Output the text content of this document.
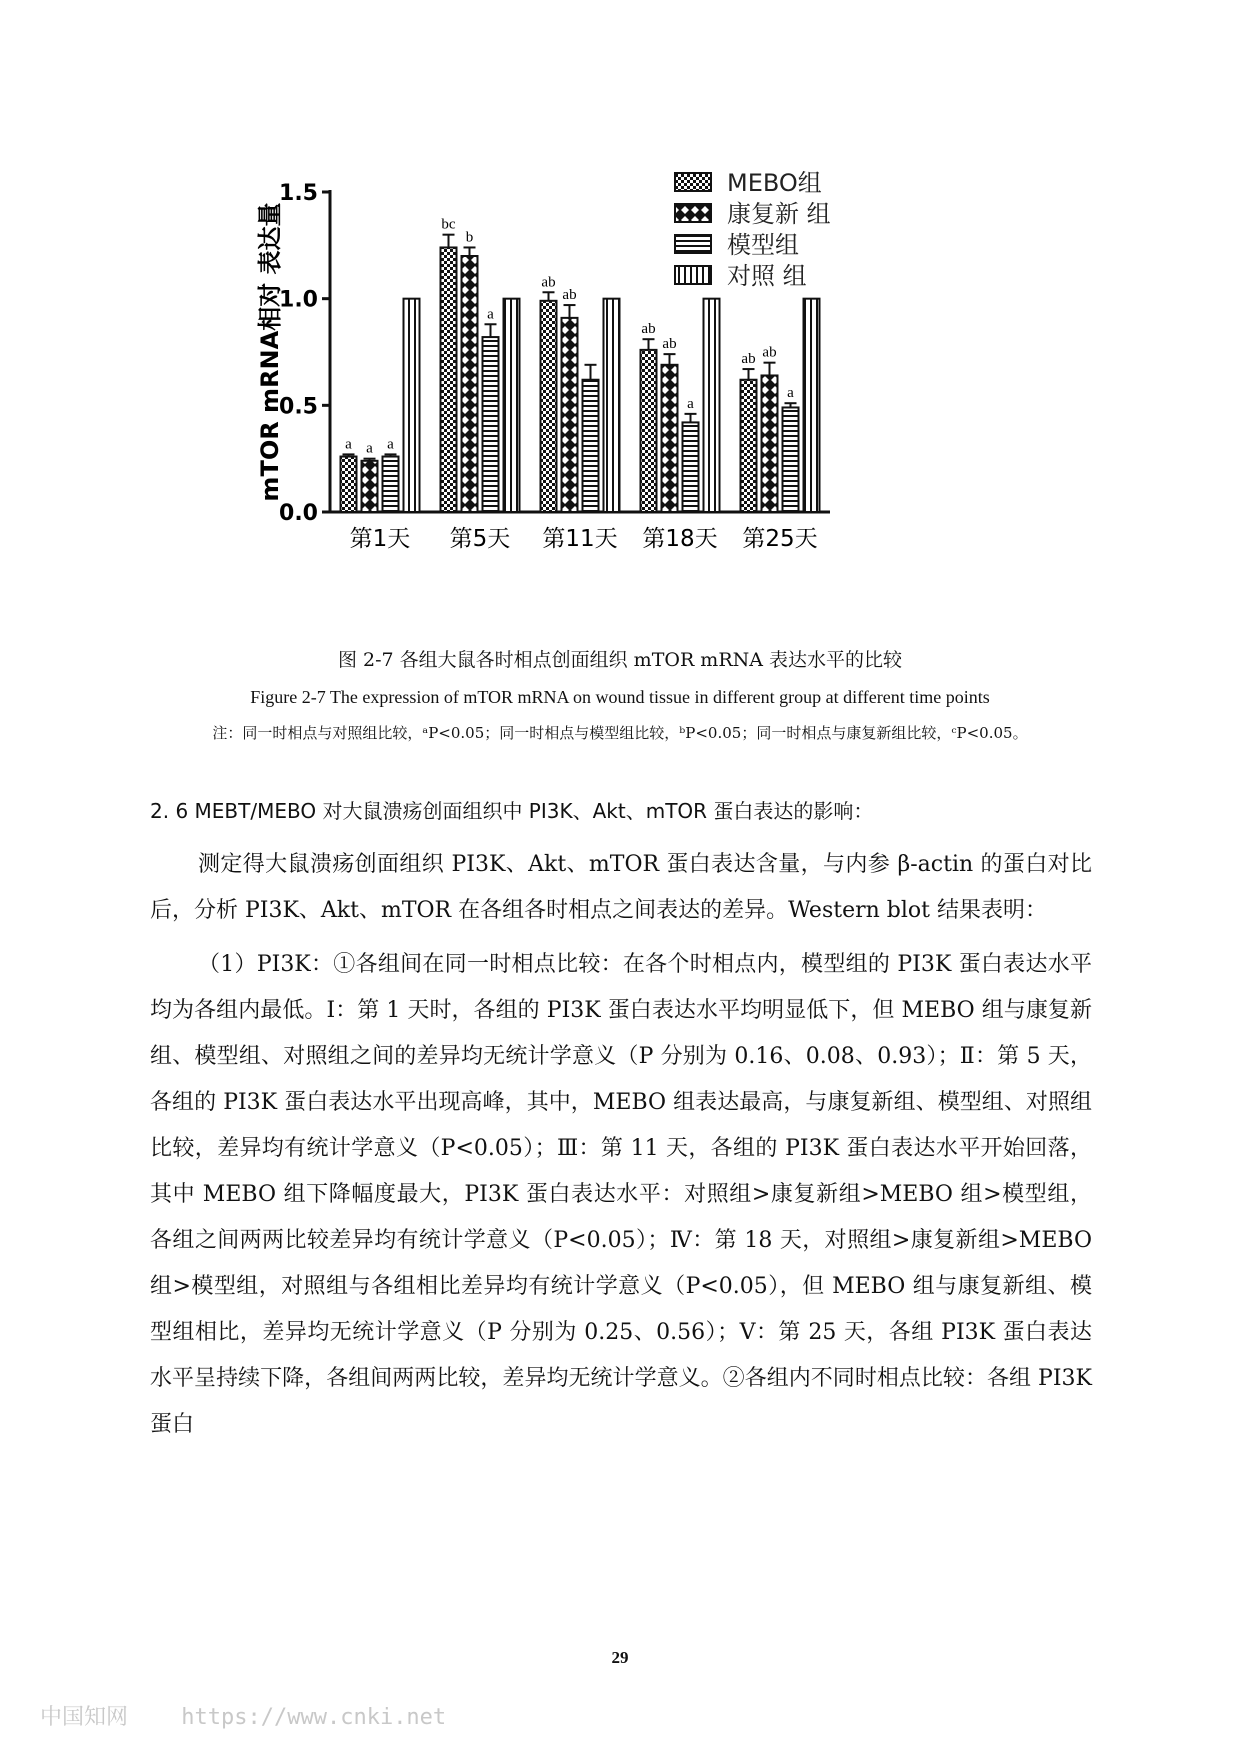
0.0
0.5
1.0
1.5
mTOR mRNA相对 表达量	a a a
第1天
bc
b
a
第5天
ab
ab
第11天
ab
ab
a
第18天
ab ab
a
第25天
MEBO组
康复新 组
模型组
对照 组
图 2-7 各组大鼠各时相点创面组织 mTOR mRNA 表达水平的比较
Figure 2-7 The expression of mTOR mRNA on wound tissue in different group at different time points
注：同一时相点与对照组比较，ᵃP<0.05；同一时相点与模型组比较，ᵇP<0.05；同一时相点与康复新组比较，ᶜP<0.05。
2. 6 MEBT/MEBO 对大鼠溃疡创面组织中 PI3K、Akt、mTOR 蛋白表达的影响：

测定得大鼠溃疡创面组织 PI3K、Akt、mTOR 蛋白表达含量，与内参 β-actin 的蛋白对比后，分析 PI3K、Akt、mTOR 在各组各时相点之间表达的差异。Western blot 结果表明：

（1）PI3K：①各组间在同一时相点比较：在各个时相点内，模型组的 PI3K 蛋白表达水平均为各组内最低。Ⅰ：第 1 天时，各组的 PI3K 蛋白表达水平均明显低下，但 MEBO 组与康复新组、模型组、对照组之间的差异均无统计学意义（P 分别为 0.16、0.08、0.93）；Ⅱ：第 5 天，各组的 PI3K 蛋白表达水平出现高峰，其中，MEBO 组表达最高，与康复新组、模型组、对照组比较，差异均有统计学意义（P<0.05）；Ⅲ：第 11 天，各组的 PI3K 蛋白表达水平开始回落，其中 MEBO 组下降幅度最大，PI3K 蛋白表达水平：对照组>康复新组>MEBO 组>模型组，各组之间两两比较差异均有统计学意义（P<0.05）；Ⅳ：第 18 天，对照组>康复新组>MEBO 组>模型组，对照组与各组相比差异均有统计学意义（P<0.05），但 MEBO 组与康复新组、模型组相比，差异均无统计学意义（P 分别为 0.25、0.56）；Ⅴ：第 25 天，各组 PI3K 蛋白表达水平呈持续下降，各组间两两比较，差异均无统计学意义。②各组内不同时相点比较：各组 PI3K 蛋白

29
中国知网 https://www.cnki.net
